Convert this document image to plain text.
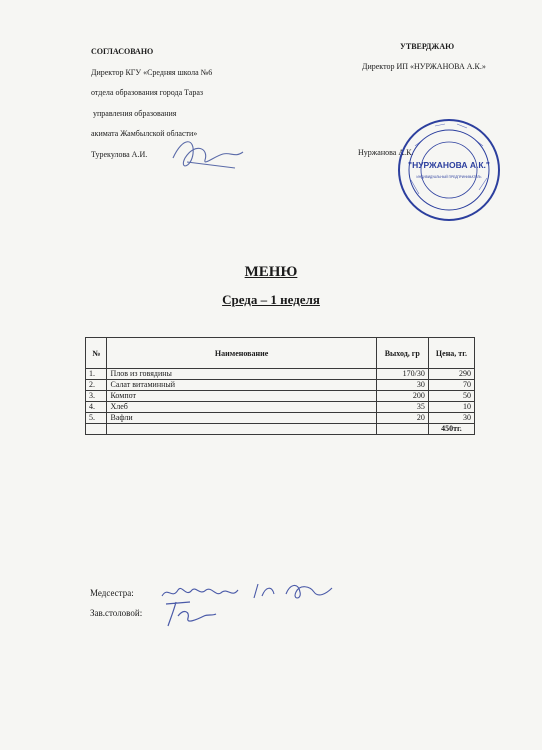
СОГЛАСОВАНО
Директор КГУ «Средняя школа №6
отдела образования города Тараз
управления образования
акимата Жамбылской области»
Турекулова А.И.
УТВЕРДЖАЮ
Директор ИП «НУРЖАНОВА А.К.»
Нуржанова А.К.
"НУРЖАНОВА А.К."
ИНДИВИДУАЛЬНЫЙ ПРЕДПРИНИМАТЕЛЬ
МЕНЮ
Среда – 1 неделя
№	Наименование	Выход, гр	Цена, тг.
1.	Плов из говядины	170/30	290
2.	Салат витаминный	30	70
3.	Компот	200	50
4.	Хлеб	35	10
5.	Вафли	20	30
			450тг.
Медсестра:
Зав.столовой:
